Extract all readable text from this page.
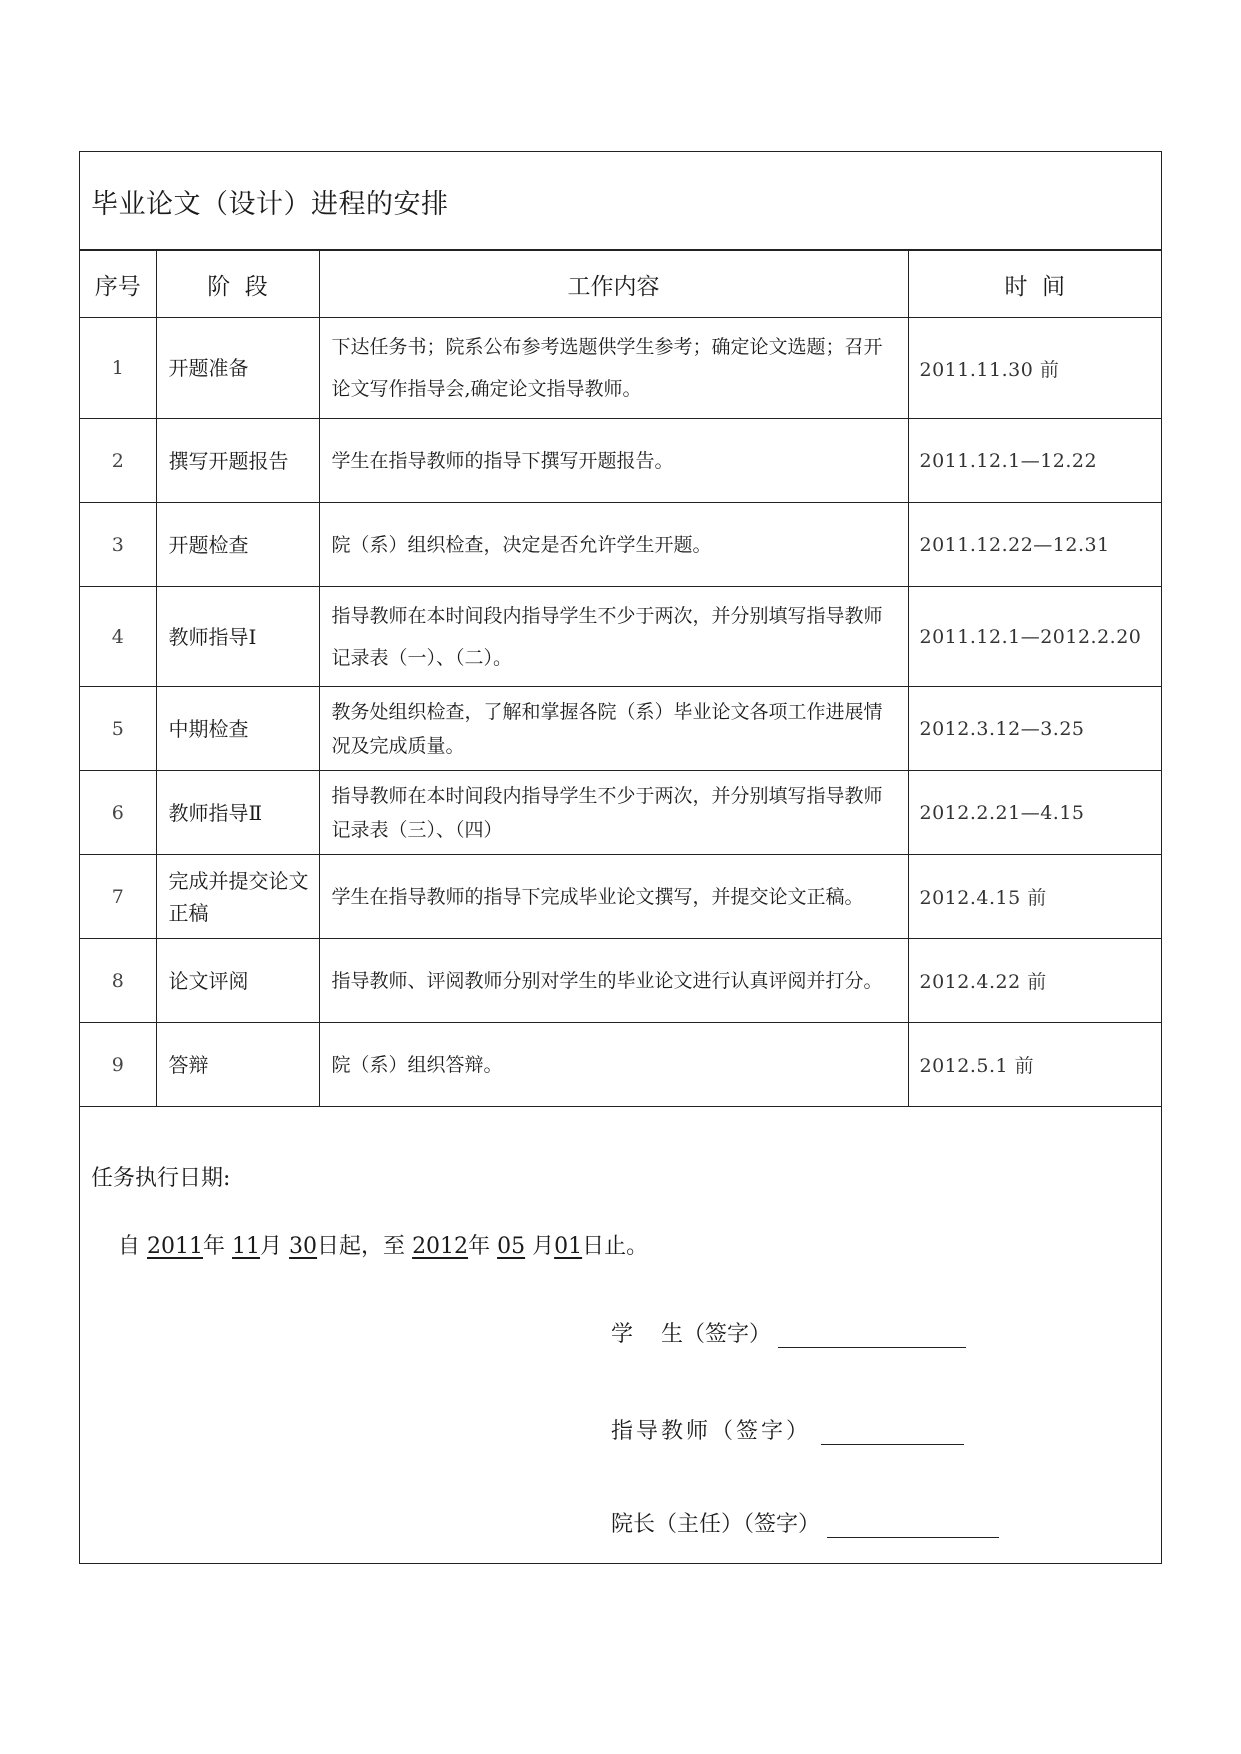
毕业论文（设计）进程的安排
序号	阶  段	工作内容	时  间
1	开题准备	下达任务书；院系公布参考选题供学生参考；确定论文选题；召开论文写作指导会,确定论文指导教师。	2011.11.30 前
2	撰写开题报告	学生在指导教师的指导下撰写开题报告。	2011.12.1—12.22
3	开题检查	院（系）组织检查，决定是否允许学生开题。	2011.12.22—12.31
4	教师指导Ⅰ	指导教师在本时间段内指导学生不少于两次，并分别填写指导教师记录表（一）、（二）。	2011.12.1—2012.2.20
5	中期检查	教务处组织检查，了解和掌握各院（系）毕业论文各项工作进展情况及完成质量。	2012.3.12—3.25
6	教师指导Ⅱ	指导教师在本时间段内指导学生不少于两次，并分别填写指导教师记录表（三）、（四）	2012.2.21—4.15
7	完成并提交论文正稿	学生在指导教师的指导下完成毕业论文撰写，并提交论文正稿。	2012.4.15 前
8	论文评阅	指导教师、评阅教师分别对学生的毕业论文进行认真评阅并打分。	2012.4.22 前
9	答辩	院（系）组织答辩。	2012.5.1 前
任务执行日期:
自 2011年 11月 30日起，至 2012年 05 月01日止。
学    生（签字）
指导教师（签字）
院长（主任）（签字）
